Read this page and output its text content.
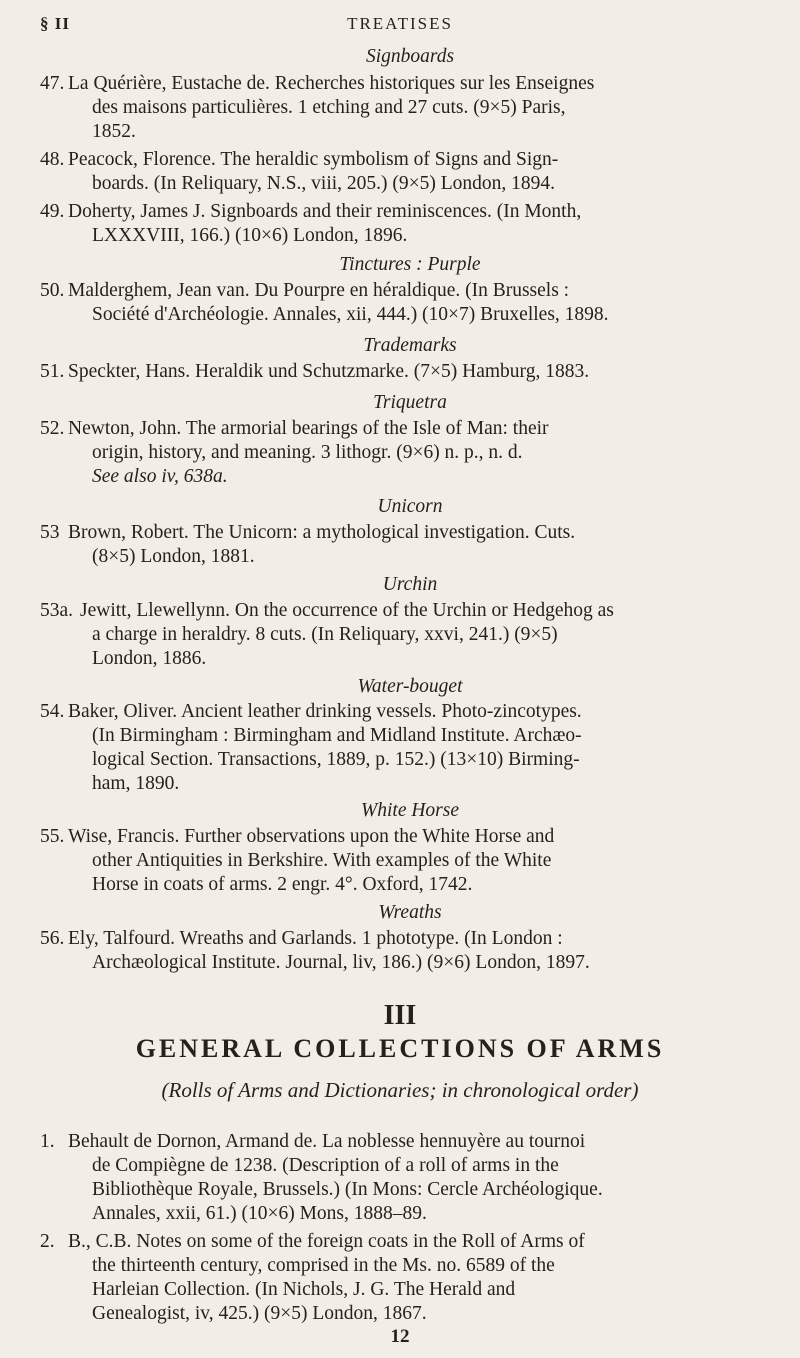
§ II	TREATISES
Signboards
47. La Quérière, Eustache de. Recherches historiques sur les Enseignes
des maisons particulières. 1 etching and 27 cuts. (9×5) Paris,
1852.
48. Peacock, Florence. The heraldic symbolism of Signs and Sign-
boards. (In Reliquary, N.S., viii, 205.) (9×5) London, 1894.
49. Doherty, James J. Signboards and their reminiscences. (In Month,
LXXXVIII, 166.) (10×6) London, 1896.
Tinctures : Purple
50. Malderghem, Jean van. Du Pourpre en héraldique. (In Brussels :
Société d'Archéologie. Annales, xii, 444.) (10×7) Bruxelles, 1898.
Trademarks
51. Speckter, Hans. Heraldik und Schutzmarke. (7×5) Hamburg, 1883.
Triquetra
52. Newton, John. The armorial bearings of the Isle of Man: their
origin, history, and meaning. 3 lithogr. (9×6) n. p., n. d.
See also iv, 638a.
Unicorn
53 Brown, Robert. The Unicorn: a mythological investigation. Cuts.
(8×5) London, 1881.
Urchin
53a. Jewitt, Llewellynn. On the occurrence of the Urchin or Hedgehog as
a charge in heraldry. 8 cuts. (In Reliquary, xxvi, 241.) (9×5)
London, 1886.
Water-bouget
54. Baker, Oliver. Ancient leather drinking vessels. Photo-zincotypes.
(In Birmingham : Birmingham and Midland Institute. Archæo-
logical Section. Transactions, 1889, p. 152.) (13×10) Birming-
ham, 1890.
White Horse
55. Wise, Francis. Further observations upon the White Horse and
other Antiquities in Berkshire. With examples of the White
Horse in coats of arms. 2 engr. 4°. Oxford, 1742.
Wreaths
56. Ely, Talfourd. Wreaths and Garlands. 1 phototype. (In London :
Archæological Institute. Journal, liv, 186.) (9×6) London, 1897.
III
GENERAL COLLECTIONS OF ARMS
(Rolls of Arms and Dictionaries; in chronological order)
1. Behault de Dornon, Armand de. La noblesse hennuyère au tournoi
de Compiègne de 1238. (Description of a roll of arms in the
Bibliothèque Royale, Brussels.) (In Mons: Cercle Archéologique.
Annales, xxii, 61.) (10×6) Mons, 1888–89.
2. B., C.B. Notes on some of the foreign coats in the Roll of Arms of
the thirteenth century, comprised in the Ms. no. 6589 of the
Harleian Collection. (In Nichols, J. G. The Herald and
Genealogist, iv, 425.) (9×5) London, 1867.
12
